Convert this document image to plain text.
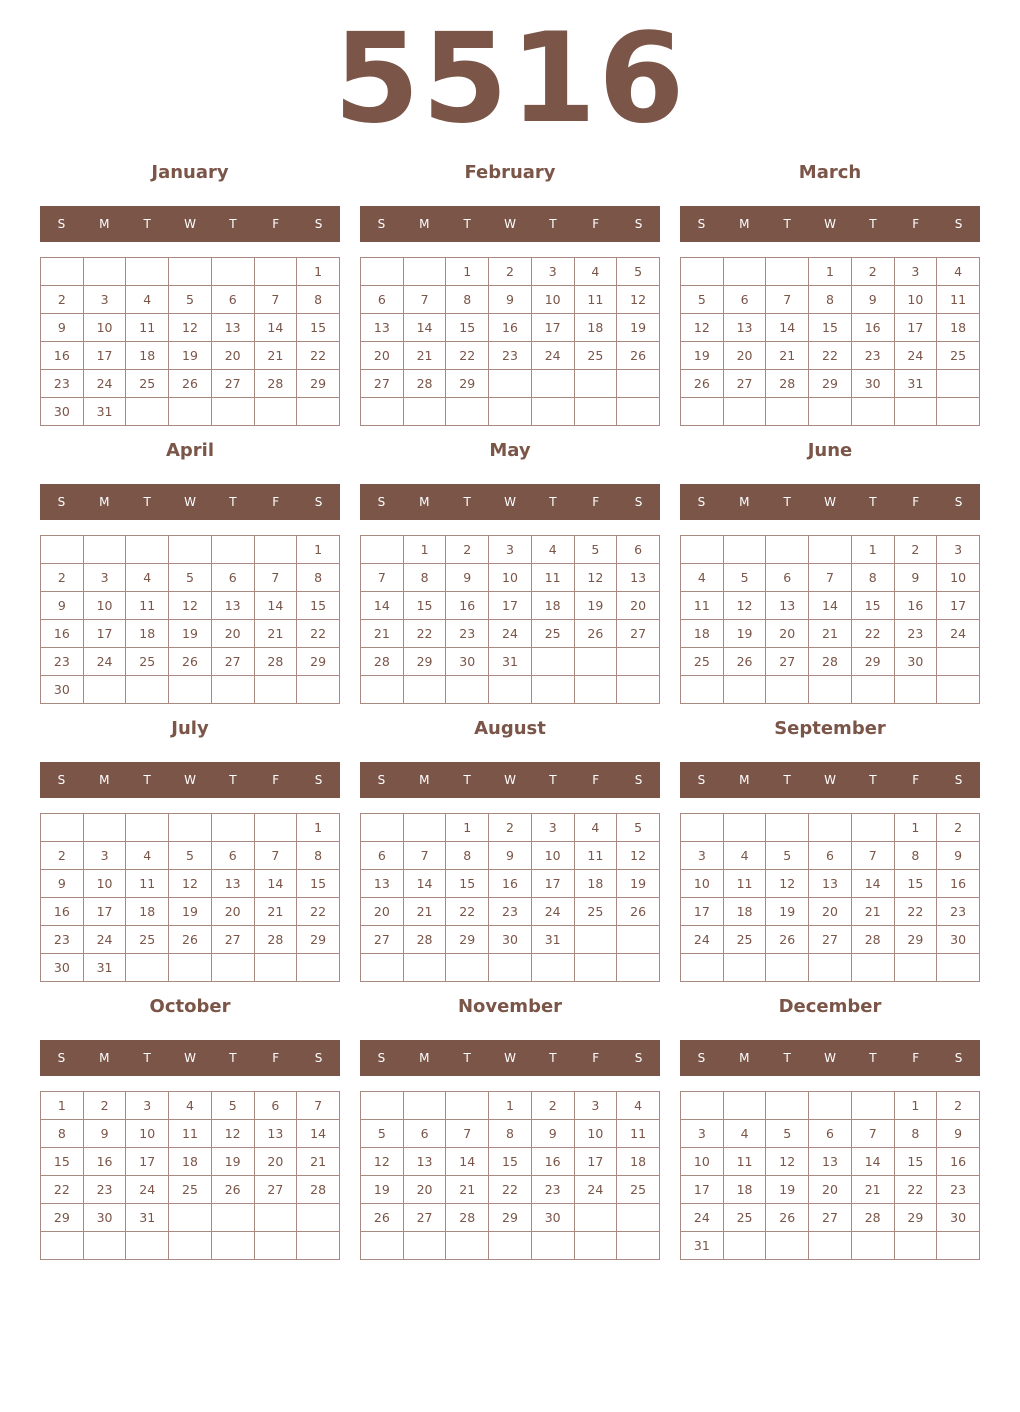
5516
January
S	M	T	W	T	F	S
						1
2	3	4	5	6	7	8
9	10	11	12	13	14	15
16	17	18	19	20	21	22
23	24	25	26	27	28	29
30	31					
February
S	M	T	W	T	F	S
		1	2	3	4	5
6	7	8	9	10	11	12
13	14	15	16	17	18	19
20	21	22	23	24	25	26
27	28	29				

March
S	M	T	W	T	F	S
			1	2	3	4
5	6	7	8	9	10	11
12	13	14	15	16	17	18
19	20	21	22	23	24	25
26	27	28	29	30	31	

April
S	M	T	W	T	F	S
						1
2	3	4	5	6	7	8
9	10	11	12	13	14	15
16	17	18	19	20	21	22
23	24	25	26	27	28	29
30						
May
S	M	T	W	T	F	S
	1	2	3	4	5	6
7	8	9	10	11	12	13
14	15	16	17	18	19	20
21	22	23	24	25	26	27
28	29	30	31			

June
S	M	T	W	T	F	S
				1	2	3
4	5	6	7	8	9	10
11	12	13	14	15	16	17
18	19	20	21	22	23	24
25	26	27	28	29	30	

July
S	M	T	W	T	F	S
						1
2	3	4	5	6	7	8
9	10	11	12	13	14	15
16	17	18	19	20	21	22
23	24	25	26	27	28	29
30	31					
August
S	M	T	W	T	F	S
		1	2	3	4	5
6	7	8	9	10	11	12
13	14	15	16	17	18	19
20	21	22	23	24	25	26
27	28	29	30	31		

September
S	M	T	W	T	F	S
					1	2
3	4	5	6	7	8	9
10	11	12	13	14	15	16
17	18	19	20	21	22	23
24	25	26	27	28	29	30

October
S	M	T	W	T	F	S
1	2	3	4	5	6	7
8	9	10	11	12	13	14
15	16	17	18	19	20	21
22	23	24	25	26	27	28
29	30	31				

November
S	M	T	W	T	F	S
			1	2	3	4
5	6	7	8	9	10	11
12	13	14	15	16	17	18
19	20	21	22	23	24	25
26	27	28	29	30		

December
S	M	T	W	T	F	S
					1	2
3	4	5	6	7	8	9
10	11	12	13	14	15	16
17	18	19	20	21	22	23
24	25	26	27	28	29	30
31						
